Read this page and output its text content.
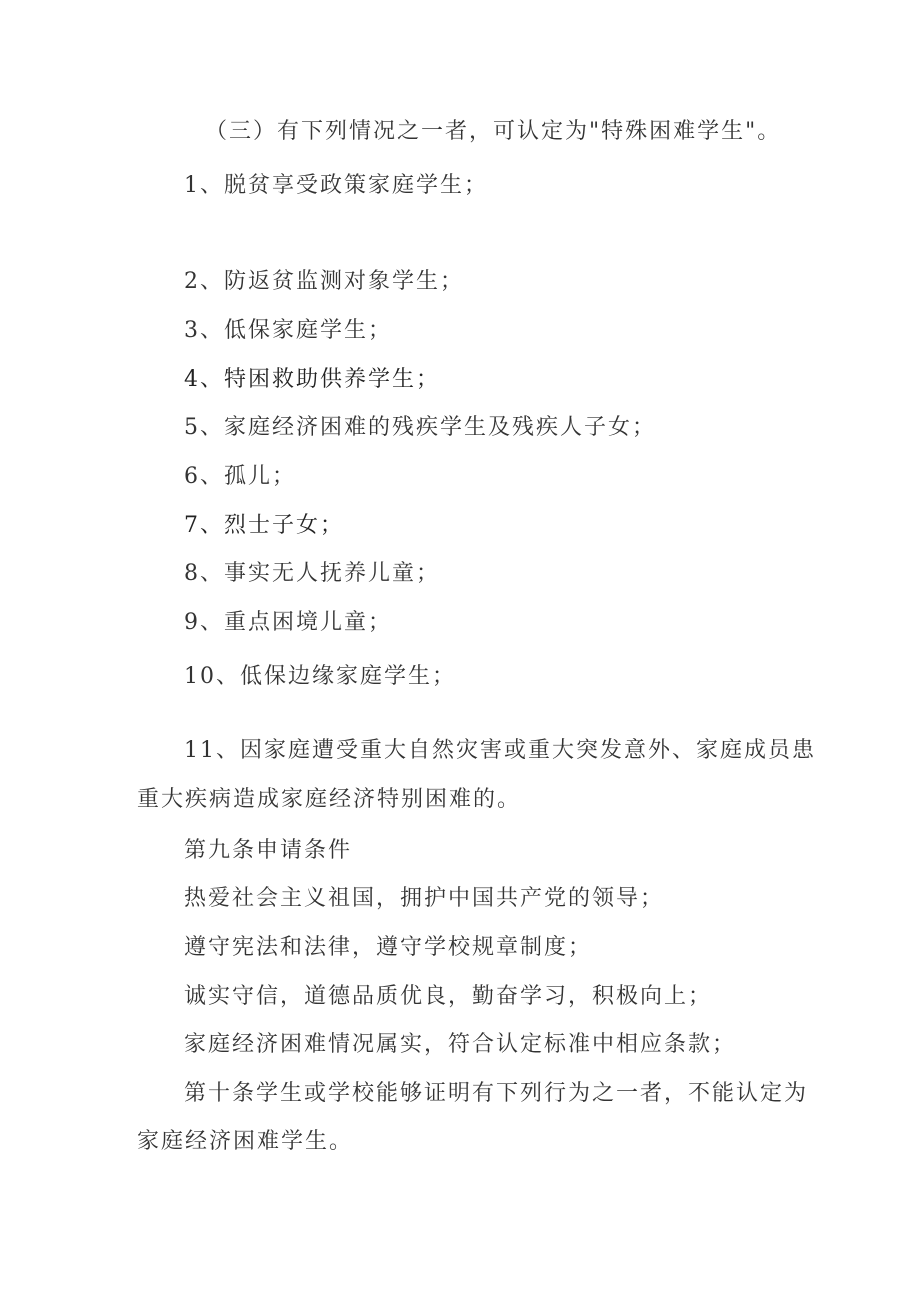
（三）有下列情况之一者，可认定为"特殊困难学生"。
1、脱贫享受政策家庭学生；
2、防返贫监测对象学生；
3、低保家庭学生；
4、特困救助供养学生；
5、家庭经济困难的残疾学生及残疾人子女；
6、孤儿；
7、烈士子女；
8、事实无人抚养儿童；
9、重点困境儿童；
10、低保边缘家庭学生；
11、因家庭遭受重大自然灾害或重大突发意外、家庭成员患
重大疾病造成家庭经济特别困难的。
第九条申请条件
热爱社会主义祖国，拥护中国共产党的领导；
遵守宪法和法律，遵守学校规章制度；
诚实守信，道德品质优良，勤奋学习，积极向上；
家庭经济困难情况属实，符合认定标准中相应条款；
第十条学生或学校能够证明有下列行为之一者，不能认定为
家庭经济困难学生。
